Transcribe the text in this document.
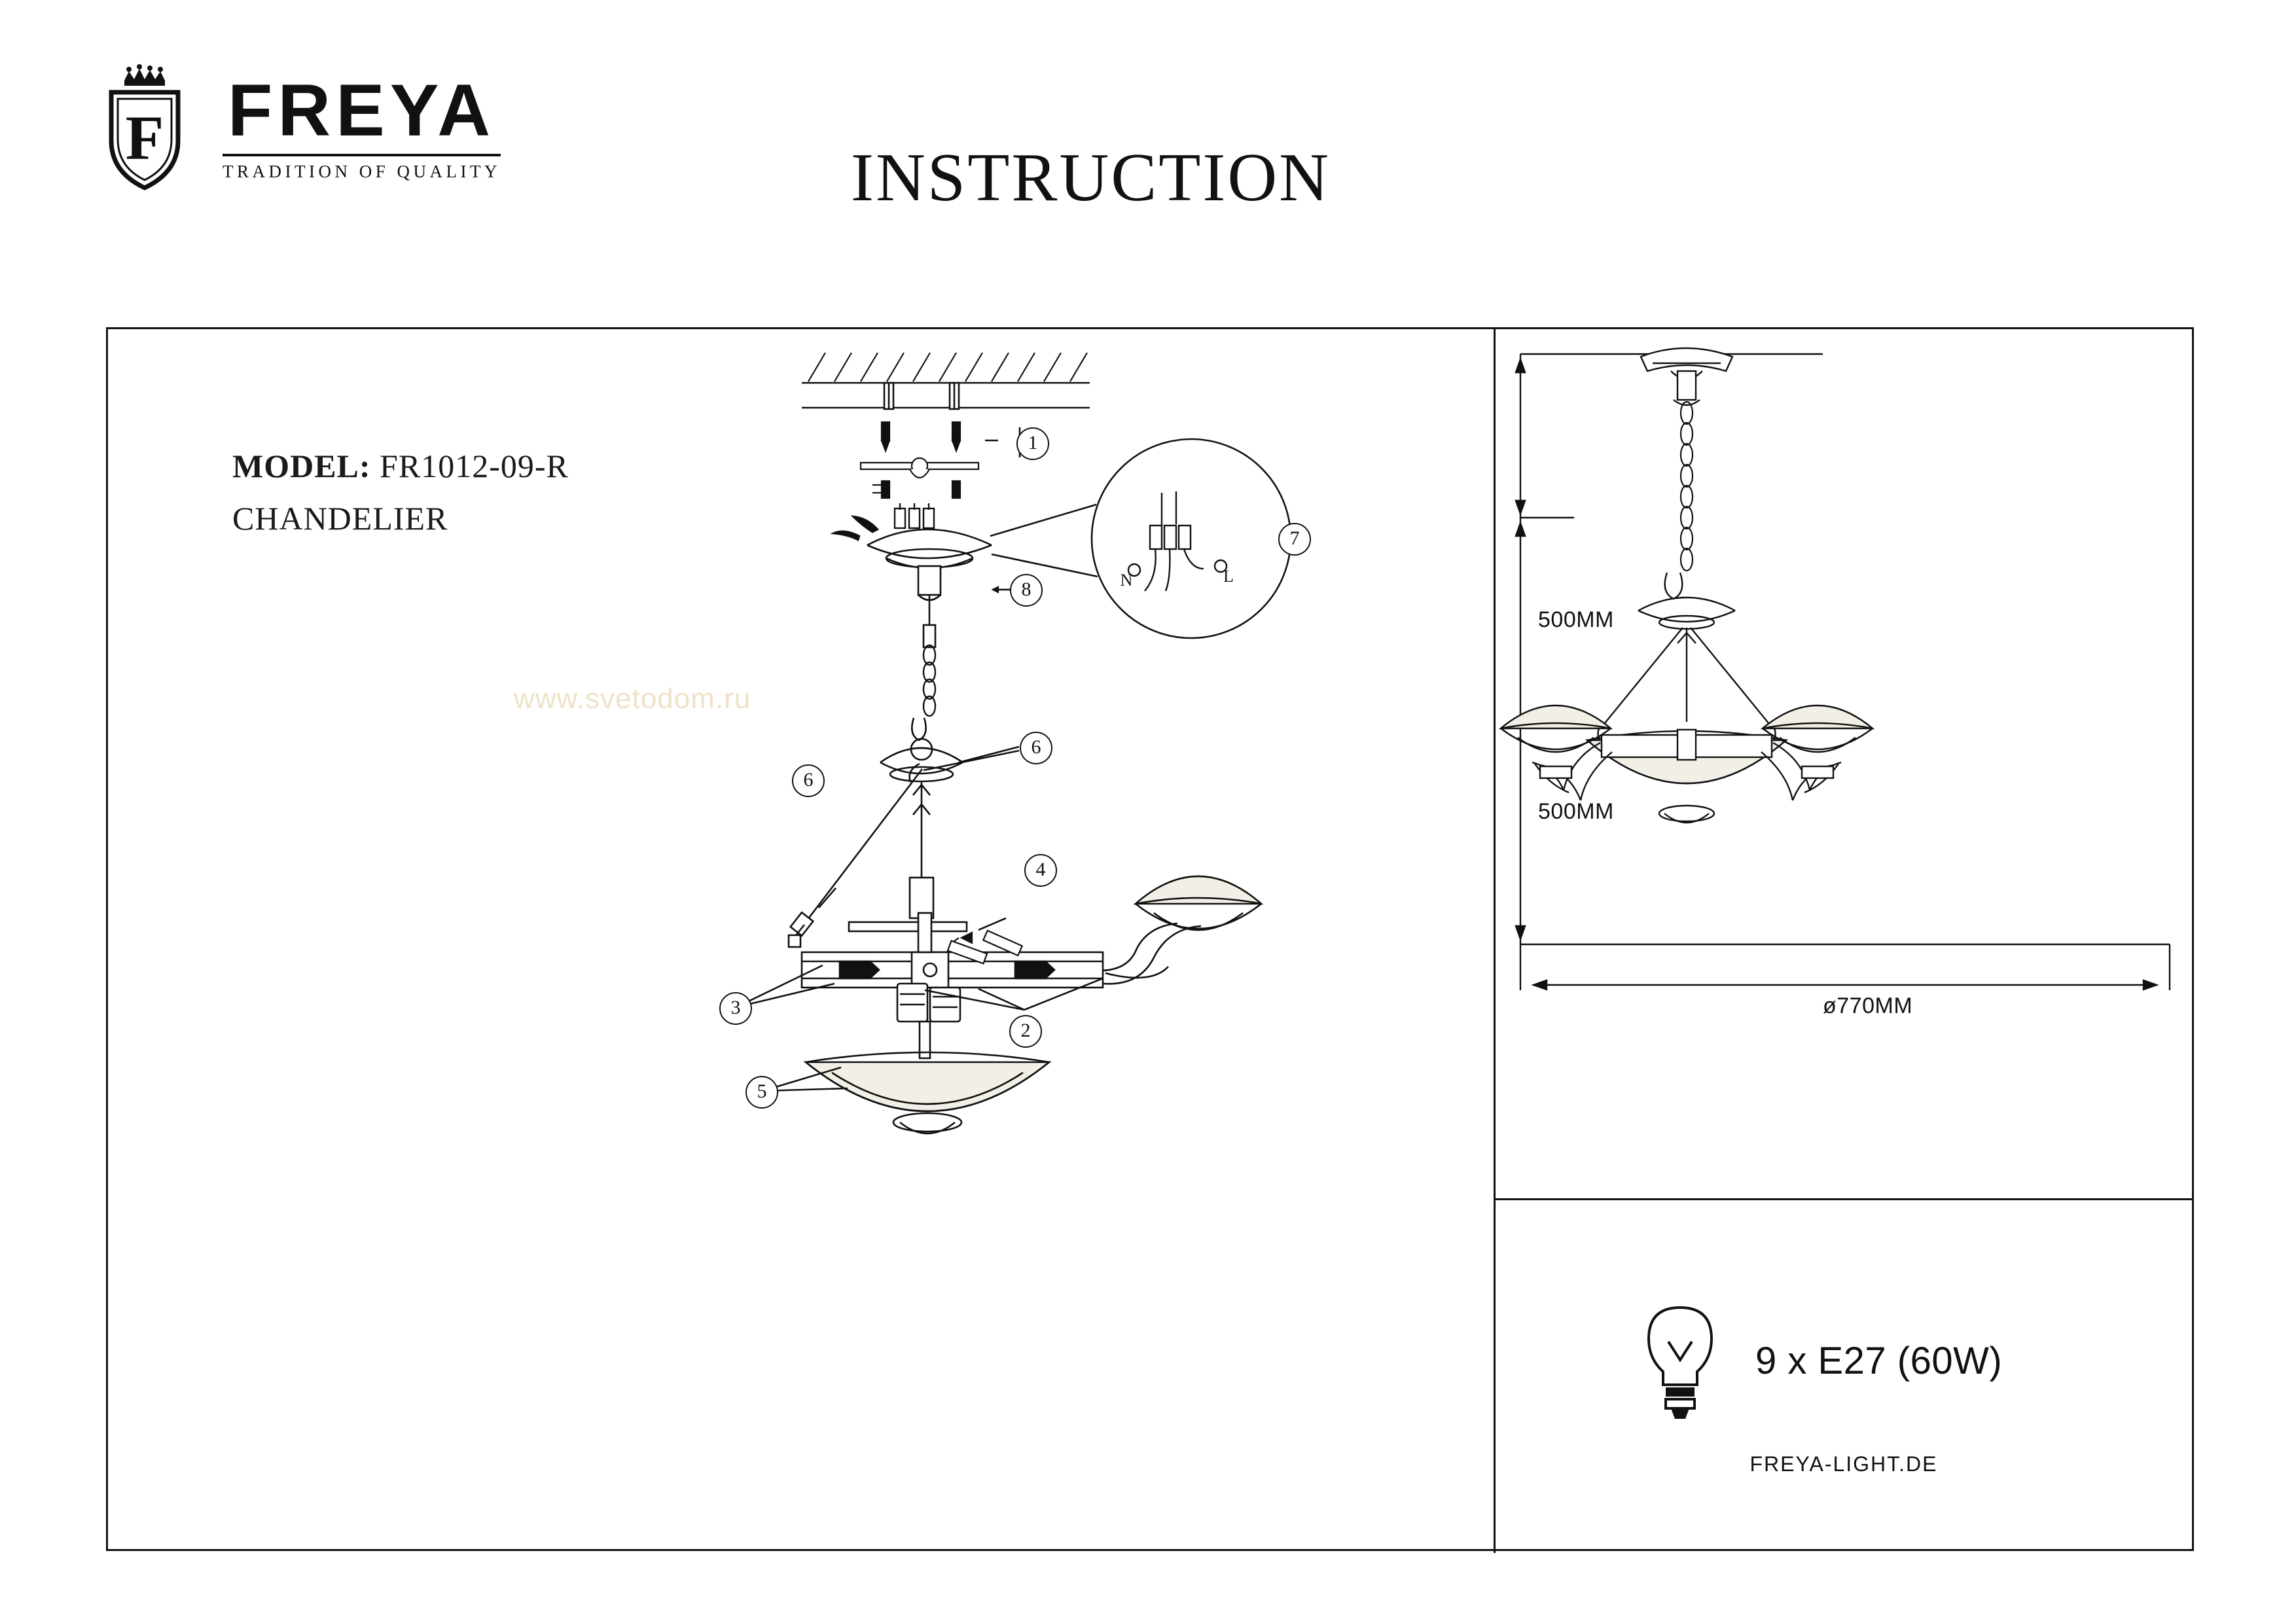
F FREYA
TRADITION OF QUALITY	INSTRUCTION
MODEL: FR1012-09-R
CHANDELIER
www.svetodom.ru
N	L
1
8
7
6
6
4
3
2
5
500MM
500MM
ø770MM
9 x E27 (60W)
FREYA-LIGHT.DE
